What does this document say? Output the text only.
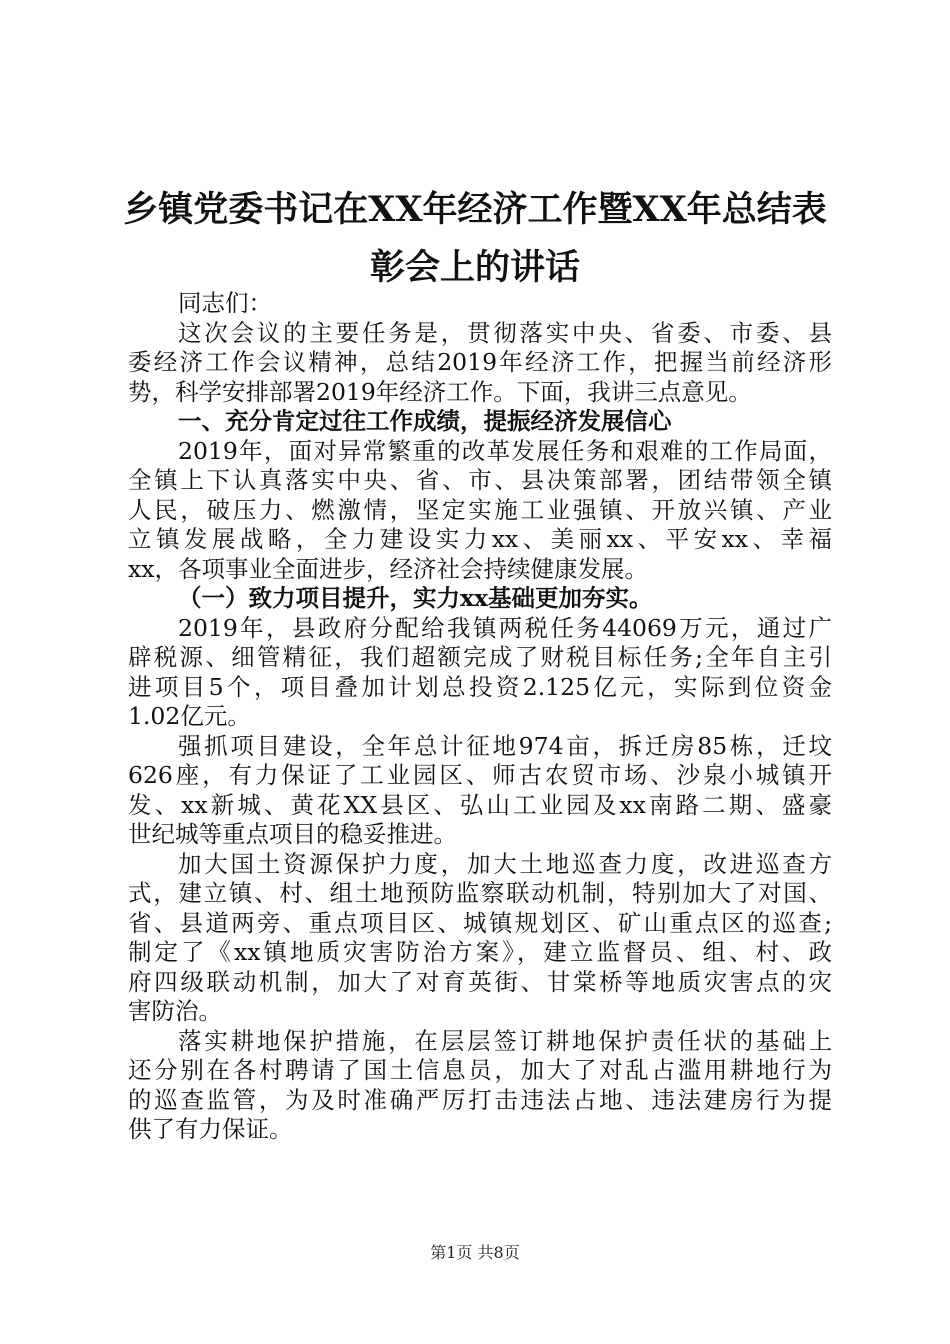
乡镇党委书记在XX年经济工作暨XX年总结表
彰会上的讲话
同志们：
这次会议的主要任务是，贯彻落实中央、省委、市委、县
委经济工作会议精神，总结2019年经济工作，把握当前经济形
势，科学安排部署2019年经济工作。下面，我讲三点意见。
一、充分肯定过往工作成绩，提振经济发展信心
2019年，面对异常繁重的改革发展任务和艰难的工作局面，
全镇上下认真落实中央、省、市、县决策部署，团结带领全镇
人民，破压力、燃激情，坚定实施工业强镇、开放兴镇、产业
立镇发展战略，全力建设实力xx、美丽xx、平安xx、幸福
xx，各项事业全面进步，经济社会持续健康发展。
（一）致力项目提升，实力xx基础更加夯实。
2019年，县政府分配给我镇两税任务44069万元，通过广
辟税源、细管精征，我们超额完成了财税目标任务;全年自主引
进项目5个，项目叠加计划总投资2.125亿元，实际到位资金
1.02亿元。
强抓项目建设，全年总计征地974亩，拆迁房85栋，迁坟
626座，有力保证了工业园区、师古农贸市场、沙泉小城镇开
发、xx新城、黄花XX县区、弘山工业园及xx南路二期、盛豪
世纪城等重点项目的稳妥推进。
加大国土资源保护力度，加大土地巡查力度，改进巡查方
式，建立镇、村、组土地预防监察联动机制，特别加大了对国、
省、县道两旁、重点项目区、城镇规划区、矿山重点区的巡查;
制定了《xx镇地质灾害防治方案》，建立监督员、组、村、政
府四级联动机制，加大了对育英街、甘棠桥等地质灾害点的灾
害防治。
落实耕地保护措施，在层层签订耕地保护责任状的基础上
还分别在各村聘请了国土信息员，加大了对乱占滥用耕地行为
的巡查监管，为及时准确严厉打击违法占地、违法建房行为提
供了有力保证。
第1页 共8页
